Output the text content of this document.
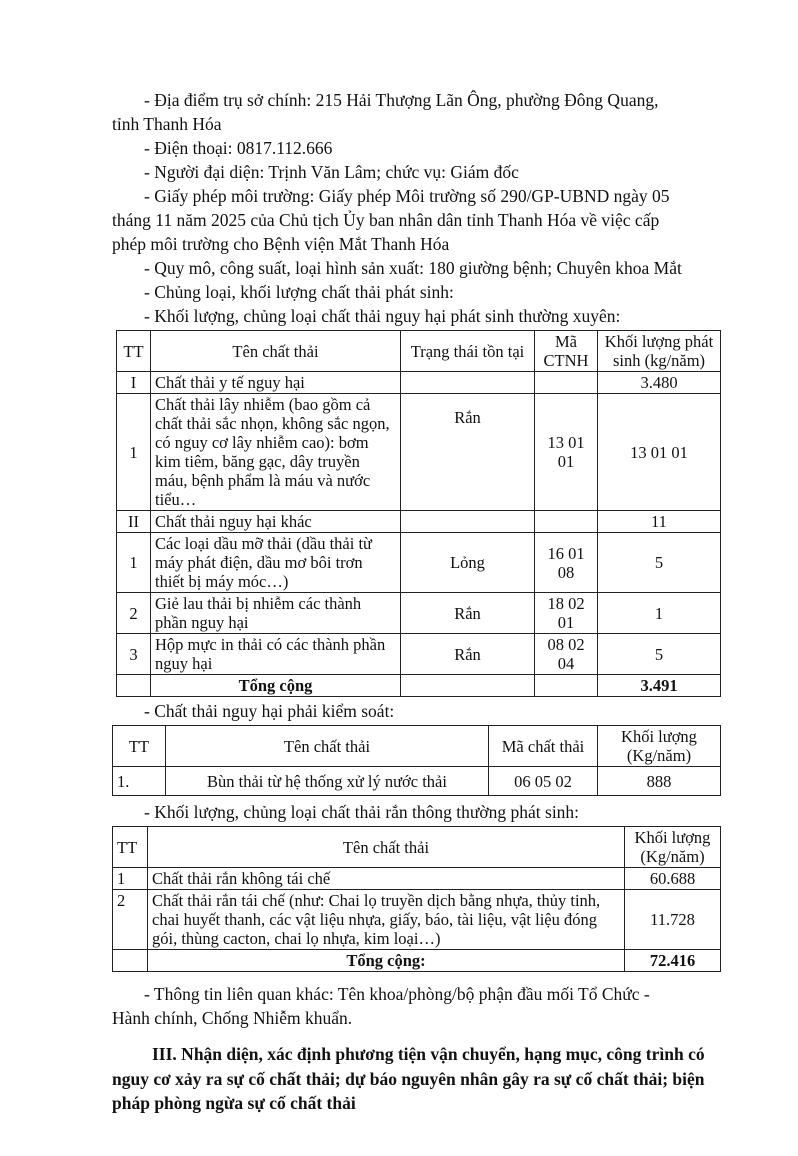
- Địa điểm trụ sở chính: 215 Hải Thượng Lãn Ông, phường Đông Quang,
tỉnh Thanh Hóa
- Điện thoại: 0817.112.666
- Người đại diện: Trịnh Văn Lâm; chức vụ: Giám đốc
- Giấy phép môi trường: Giấy phép Môi trường số 290/GP-UBND ngày 05
tháng 11 năm 2025 của Chủ tịch Ủy ban nhân dân tỉnh Thanh Hóa về việc cấp
phép môi trường cho Bệnh viện Mắt Thanh Hóa
- Quy mô, công suất, loại hình sản xuất: 180 giường bệnh; Chuyên khoa Mắt
- Chủng loại, khối lượng chất thải phát sinh:
- Khối lượng, chủng loại chất thải nguy hại phát sinh thường xuyên:
TT	Tên chất thải	Trạng thái tồn tại	Mã CTNH	Khối lượng phát sinh (kg/năm)
I	Chất thải y tế nguy hại			3.480
1	Chất thải lây nhiễm (bao gồm cả chất thải sắc nhọn, không sắc ngọn, có nguy cơ lây nhiễm cao): bơm kim tiêm, băng gạc, dây truyền máu, bệnh phẩm là máu và nước tiểu…	Rắn	13 01 01	13 01 01
II	Chất thải nguy hại khác			11
1	Các loại dầu mỡ thải (dầu thải từ máy phát điện, dầu mơ bôi trơn thiết bị máy móc…)	Lỏng	16 01 08	5
2	Giẻ lau thải bị nhiễm các thành phần nguy hại	Rắn	18 02 01	1
3	Hộp mực in thải có các thành phần nguy hại	Rắn	08 02 04	5
	Tổng cộng			3.491
- Chất thải nguy hại phải kiểm soát:
TT	Tên chất thải	Mã chất thải	Khối lượng (Kg/năm)
1.	Bùn thải từ hệ thống xử lý nước thải	06 05 02	888
- Khối lượng, chủng loại chất thải rắn thông thường phát sinh:
TT	Tên chất thải	Khối lượng (Kg/năm)
1	Chất thải rắn không tái chế	60.688
2	Chất thải rắn tái chế (như: Chai lọ truyền dịch bằng nhựa, thủy tinh, chai huyết thanh, các vật liệu nhựa, giấy, báo, tài liệu, vật liệu đóng gói, thùng cacton, chai lọ nhựa, kim loại…)	11.728
	Tổng cộng:	72.416
- Thông tin liên quan khác: Tên khoa/phòng/bộ phận đầu mối Tổ Chức -
Hành chính, Chống Nhiễm khuẩn.
III. Nhận diện, xác định phương tiện vận chuyển, hạng mục, công trình có nguy cơ xảy ra sự cố chất thải; dự báo nguyên nhân gây ra sự cố chất thải; biện pháp phòng ngừa sự cố chất thải
